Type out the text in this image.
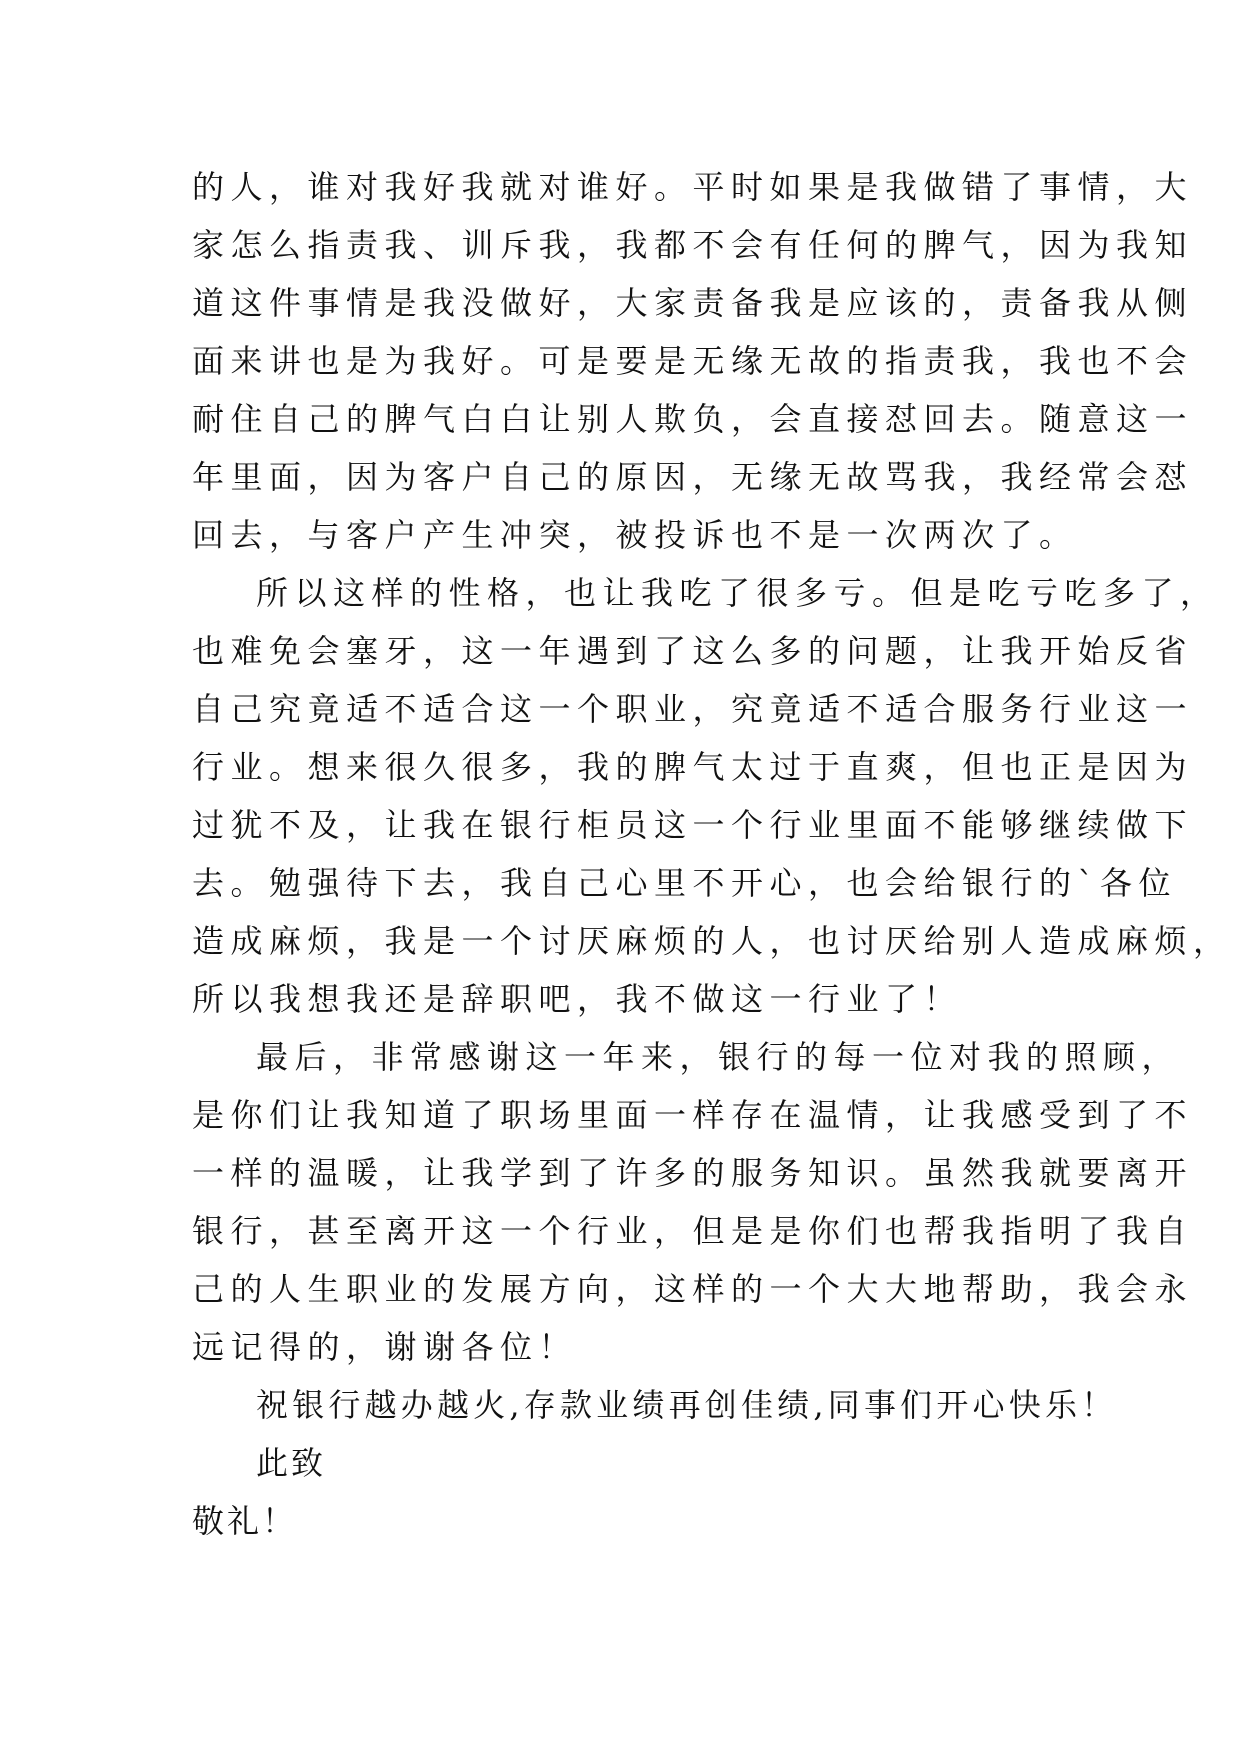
的人，谁对我好我就对谁好。平时如果是我做错了事情，大
家怎么指责我、训斥我，我都不会有任何的脾气，因为我知
道这件事情是我没做好，大家责备我是应该的，责备我从侧
面来讲也是为我好。可是要是无缘无故的指责我，我也不会
耐住自己的脾气白白让别人欺负，会直接怼回去。随意这一
年里面，因为客户自己的原因，无缘无故骂我，我经常会怼
回去，与客户产生冲突，被投诉也不是一次两次了。
所以这样的性格，也让我吃了很多亏。但是吃亏吃多了，
也难免会塞牙，这一年遇到了这么多的问题，让我开始反省
自己究竟适不适合这一个职业，究竟适不适合服务行业这一
行业。想来很久很多，我的脾气太过于直爽，但也正是因为
过犹不及，让我在银行柜员这一个行业里面不能够继续做下
去。勉强待下去，我自己心里不开心，也会给银行的`各位
造成麻烦，我是一个讨厌麻烦的人，也讨厌给别人造成麻烦，
所以我想我还是辞职吧，我不做这一行业了！
最后，非常感谢这一年来，银行的每一位对我的照顾，
是你们让我知道了职场里面一样存在温情，让我感受到了不
一样的温暖，让我学到了许多的服务知识。虽然我就要离开
银行，甚至离开这一个行业，但是是你们也帮我指明了我自
己的人生职业的发展方向，这样的一个大大地帮助，我会永
远记得的，谢谢各位！
祝银行越办越火,存款业绩再创佳绩,同事们开心快乐！
此致
敬礼！
